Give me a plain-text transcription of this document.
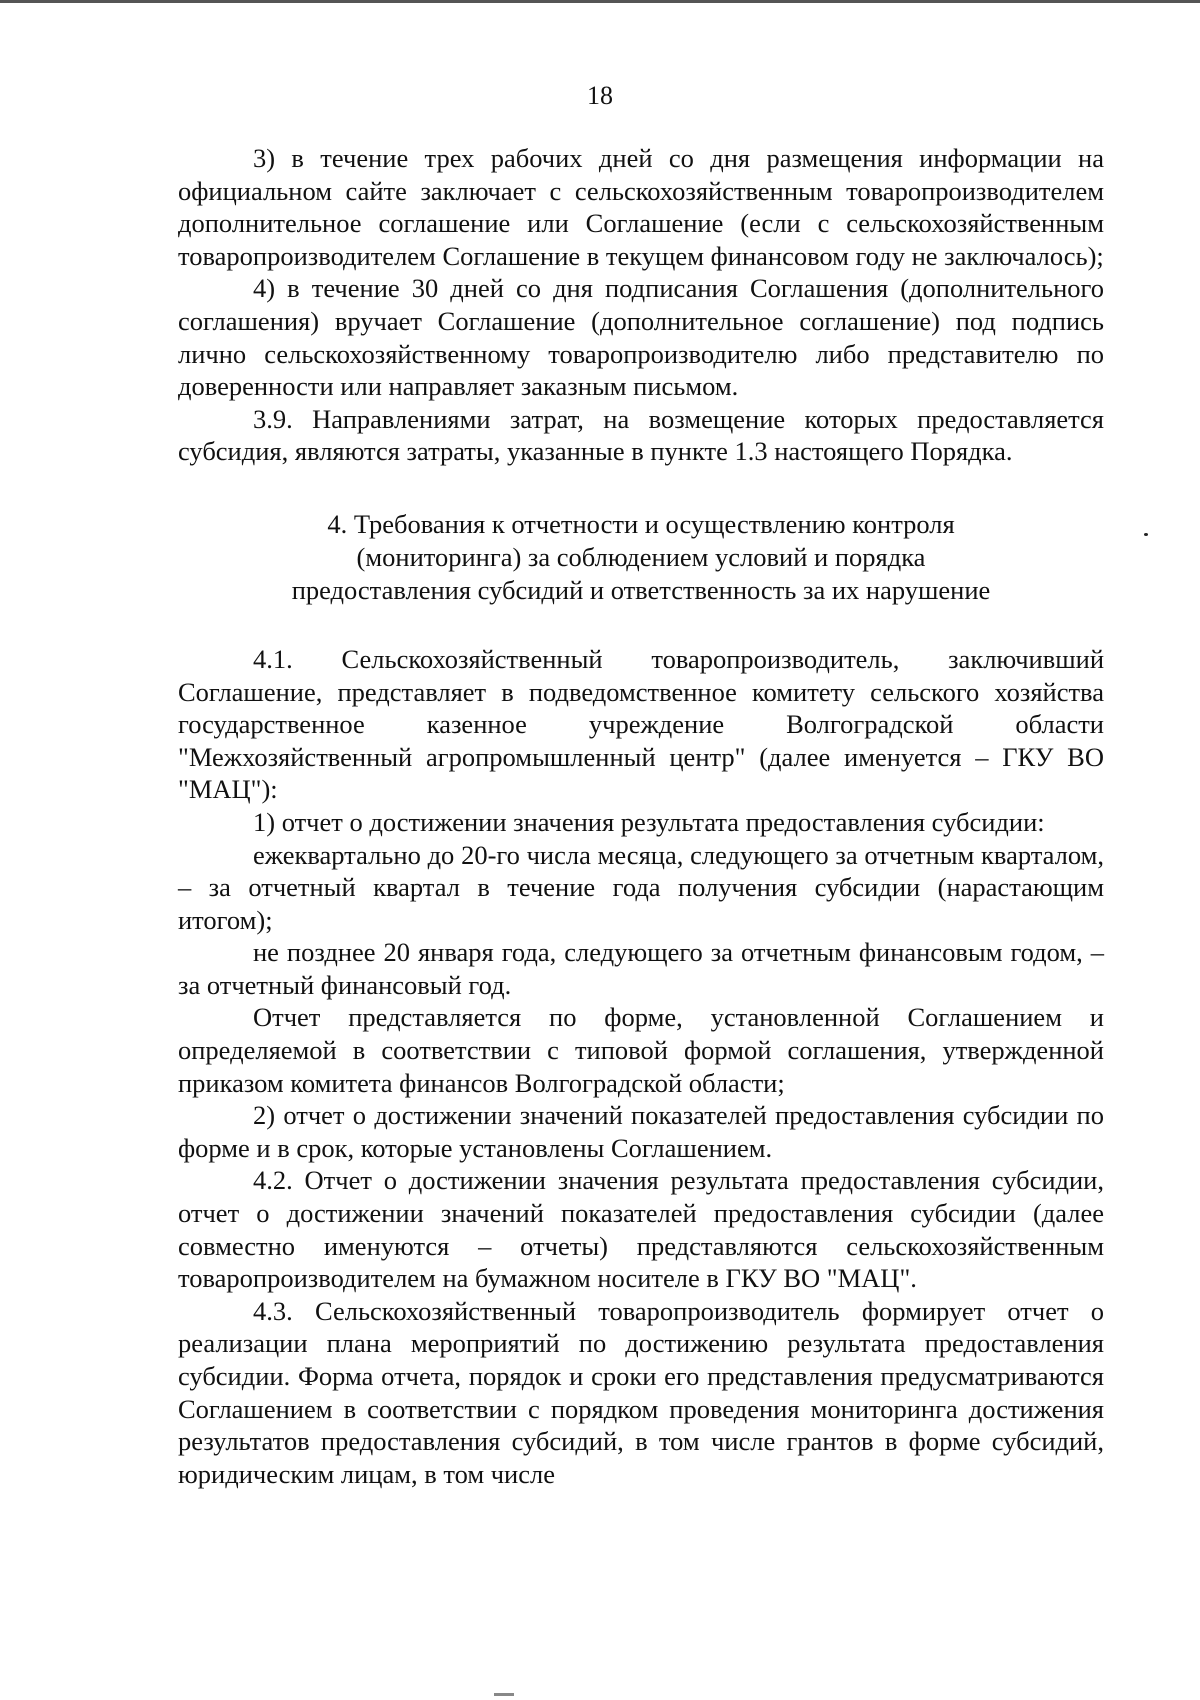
18

3) в течение трех рабочих дней со дня размещения информации на официальном сайте заключает с сельскохозяйственным товаропроизводителем дополнительное соглашение или Соглашение (если с сельскохозяйственным товаропроизводителем Соглашение в текущем финансовом году не заключалось);

4) в течение 30 дней со дня подписания Соглашения (дополнительного соглашения) вручает Соглашение (дополнительное соглашение) под подпись лично сельскохозяйственному товаропроизводителю либо представителю по доверенности или направляет заказным письмом.

3.9. Направлениями затрат, на возмещение которых предоставляется субсидия, являются затраты, указанные в пункте 1.3 настоящего Порядка.

4. Требования к отчетности и осуществлению контроля
(мониторинга) за соблюдением условий и порядка
предоставления субсидий и ответственность за их нарушение

4.1. Сельскохозяйственный товаропроизводитель, заключивший Соглашение, представляет в подведомственное комитету сельского хозяйства государственное казенное учреждение Волгоградской области "Межхозяйственный агропромышленный центр" (далее именуется – ГКУ ВО "МАЦ"):

1) отчет о достижении значения результата предоставления субсидии:

ежеквартально до 20-го числа месяца, следующего за отчетным кварталом, – за отчетный квартал в течение года получения субсидии (нарастающим итогом);

не позднее 20 января года, следующего за отчетным финансовым годом, – за отчетный финансовый год.

Отчет представляется по форме, установленной Соглашением и определяемой в соответствии с типовой формой соглашения, утвержденной приказом комитета финансов Волгоградской области;

2) отчет о достижении значений показателей предоставления субсидии по форме и в срок, которые установлены Соглашением.

4.2. Отчет о достижении значения результата предоставления субсидии, отчет о достижении значений показателей предоставления субсидии (далее совместно именуются – отчеты) представляются сельскохозяйственным товаропроизводителем на бумажном носителе в ГКУ ВО "МАЦ".

4.3. Сельскохозяйственный товаропроизводитель формирует отчет о реализации плана мероприятий по достижению результата предоставления субсидии. Форма отчета, порядок и сроки его представления предусматриваются Соглашением в соответствии с порядком проведения мониторинга достижения результатов предоставления субсидий, в том числе грантов в форме субсидий, юридическим лицам, в том числе
